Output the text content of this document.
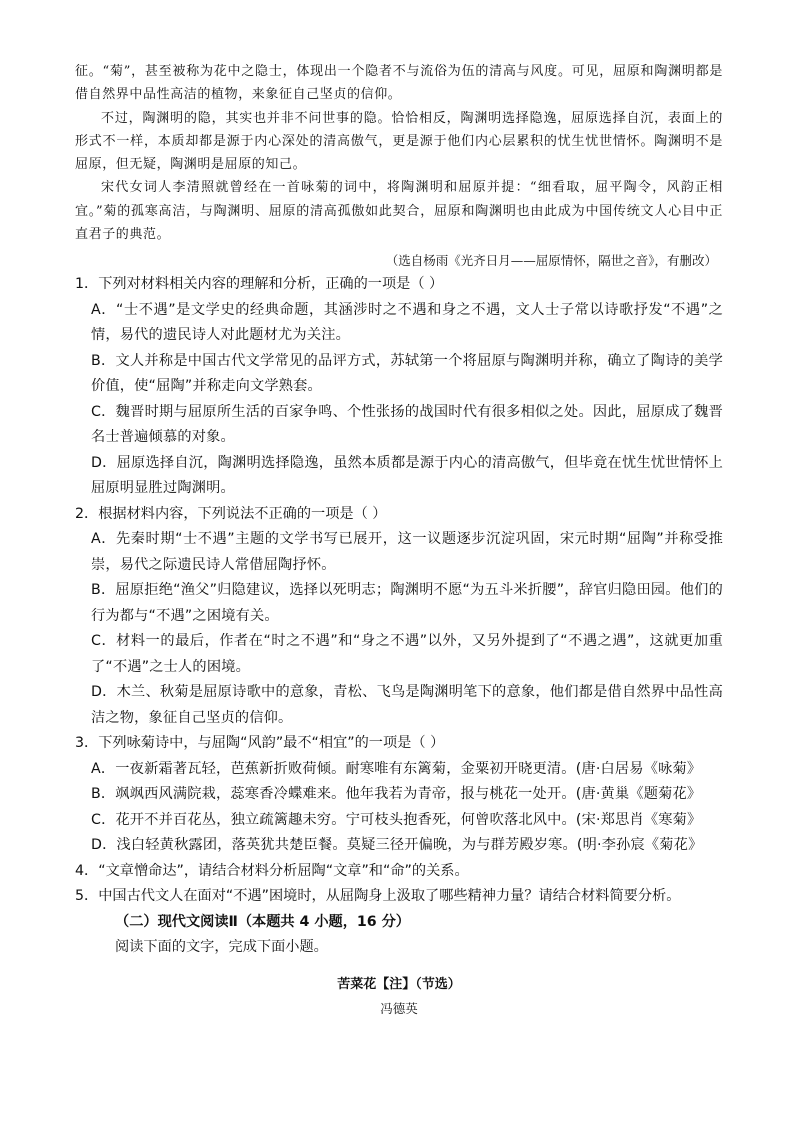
征。“菊”，甚至被称为花中之隐士，体现出一个隐者不与流俗为伍的清高与风度。可见，屈原和陶渊明都是借自然界中品性高洁的植物，来象征自己坚贞的信仰。

不过，陶渊明的隐，其实也并非不问世事的隐。恰恰相反，陶渊明选择隐逸，屈原选择自沉，表面上的形式不一样，本质却都是源于内心深处的清高傲气，更是源于他们内心层累积的忧生忧世情怀。陶渊明不是屈原，但无疑，陶渊明是屈原的知己。

宋代女词人李清照就曾经在一首咏菊的词中，将陶渊明和屈原并提：“细看取，屈平陶令，风韵正相宜。”菊的孤寒高洁，与陶渊明、屈原的清高孤傲如此契合，屈原和陶渊明也由此成为中国传统文人心目中正直君子的典范。

（选自杨雨《光齐日月——屈原情怀，隔世之音》，有删改）
1．下列对材料相关内容的理解和分析，正确的一项是（ ）
A．“士不遇”是文学史的经典命题，其涵涉时之不遇和身之不遇，文人士子常以诗歌抒发“不遇”之情，易代的遗民诗人对此题材尤为关注。
B．文人并称是中国古代文学常见的品评方式，苏轼第一个将屈原与陶渊明并称，确立了陶诗的美学价值，使“屈陶”并称走向文学熟套。
C．魏晋时期与屈原所生活的百家争鸣、个性张扬的战国时代有很多相似之处。因此，屈原成了魏晋名士普遍倾慕的对象。
D．屈原选择自沉，陶渊明选择隐逸，虽然本质都是源于内心的清高傲气，但毕竟在忧生忧世情怀上屈原明显胜过陶渊明。
2．根据材料内容，下列说法不正确的一项是（ ）
A．先秦时期“士不遇”主题的文学书写已展开，这一议题逐步沉淀巩固，宋元时期“屈陶”并称受推崇，易代之际遗民诗人常借屈陶抒怀。
B．屈原拒绝“渔父”归隐建议，选择以死明志；陶渊明不愿“为五斗米折腰”，辞官归隐田园。他们的行为都与“不遇”之困境有关。
C．材料一的最后，作者在“时之不遇”和“身之不遇”以外，又另外提到了“不遇之遇”，这就更加重了“不遇”之士人的困境。
D．木兰、秋菊是屈原诗歌中的意象，青松、飞鸟是陶渊明笔下的意象，他们都是借自然界中品性高洁之物，象征自己坚贞的信仰。
3．下列咏菊诗中，与屈陶“风韵”最不“相宜”的一项是（ ）
A．一夜新霜著瓦轻，芭蕉新折败荷倾。耐寒唯有东篱菊，金粟初开晓更清。(唐·白居易《咏菊》
B．飒飒西风满院栽，蕊寒香冷蝶难来。他年我若为青帝，报与桃花一处开。(唐·黄巢《题菊花》
C．花开不并百花丛，独立疏篱趣未穷。宁可枝头抱香死，何曾吹落北风中。(宋·郑思肖《寒菊》
D．浅白轻黄秋露团，落英犹共楚臣餐。莫疑三径开偏晚，为与群芳殿岁寒。(明·李孙宸《菊花》
4．“文章憎命达”，请结合材料分析屈陶“文章”和“命”的关系。
5．中国古代文人在面对“不遇”困境时，从屈陶身上汲取了哪些精神力量？请结合材料简要分析。
（二）现代文阅读Ⅱ（本题共 4 小题，16 分）
阅读下面的文字，完成下面小题。
苦菜花【注】（节选）
冯德英
